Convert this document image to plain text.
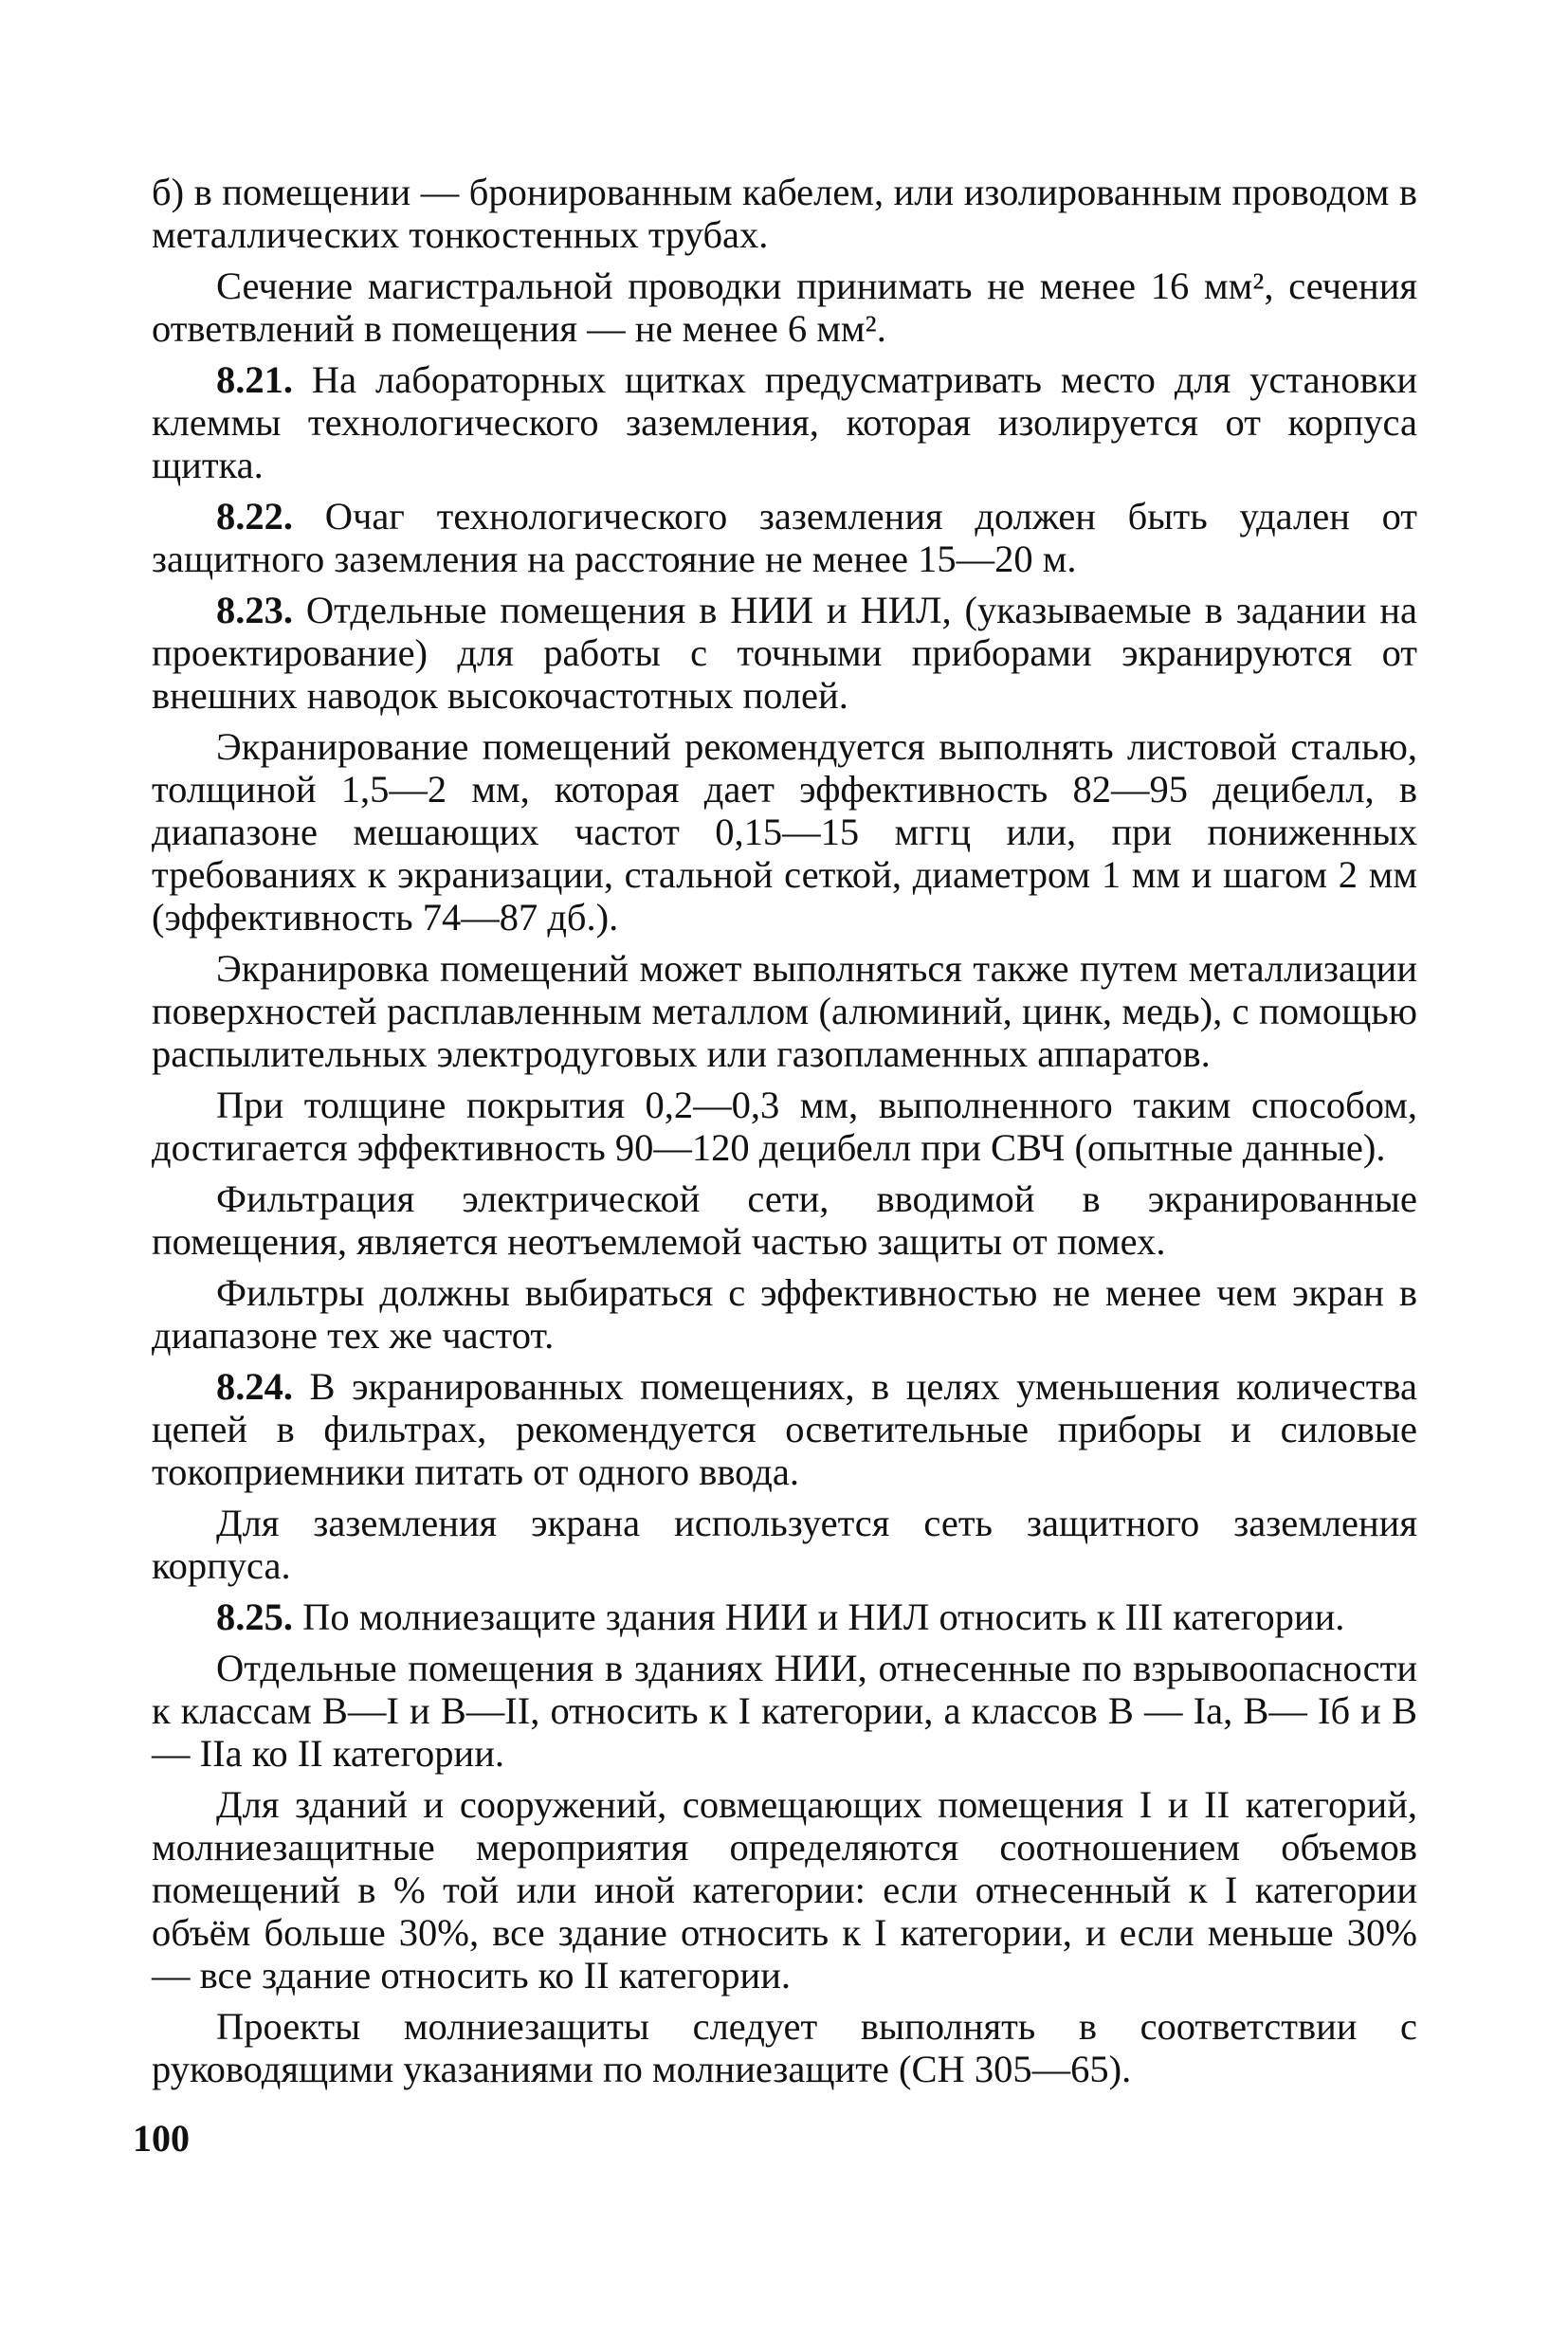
б) в помещении — бронированным кабелем, или изолированным проводом в металлических тонкостенных трубах.

Сечение магистральной проводки принимать не менее 16 мм², сечения ответвлений в помещения — не менее 6 мм².

8.21. На лабораторных щитках предусматривать место для установки клеммы технологического заземления, которая изолируется от корпуса щитка.

8.22. Очаг технологического заземления должен быть удален от защитного заземления на расстояние не менее 15—20 м.

8.23. Отдельные помещения в НИИ и НИЛ, (указываемые в задании на проектирование) для работы с точными приборами экранируются от внешних наводок высокочастотных полей.

Экранирование помещений рекомендуется выполнять листовой сталью, толщиной 1,5—2 мм, которая дает эффективность 82—95 децибелл, в диапазоне мешающих частот 0,15—15 мггц или, при пониженных требованиях к экранизации, стальной сеткой, диаметром 1 мм и шагом 2 мм (эффективность 74—87 дб.).

Экранировка помещений может выполняться также путем металлизации поверхностей расплавленным металлом (алюминий, цинк, медь), с помощью распылительных электродуговых или газопламенных аппаратов.

При толщине покрытия 0,2—0,3 мм, выполненного таким способом, достигается эффективность 90—120 децибелл при СВЧ (опытные данные).

Фильтрация электрической сети, вводимой в экранированные помещения, является неотъемлемой частью защиты от помех.

Фильтры должны выбираться с эффективностью не менее чем экран в диапазоне тех же частот.

8.24. В экранированных помещениях, в целях уменьшения количества цепей в фильтрах, рекомендуется осветительные приборы и силовые токоприемники питать от одного ввода.

Для заземления экрана используется сеть защитного заземления корпуса.

8.25. По молниезащите здания НИИ и НИЛ относить к III категории.

Отдельные помещения в зданиях НИИ, отнесенные по взрывоопасности к классам В—I и В—II, относить к I категории, а классов В — Iа, В— Iб и В— IIа ко II категории.

Для зданий и сооружений, совмещающих помещения I и II категорий, молниезащитные мероприятия определяются соотношением объемов помещений в % той или иной категории: если отнесенный к I категории объём больше 30%, все здание относить к I категории, и если меньше 30% — все здание относить ко II категории.

Проекты молниезащиты следует выполнять в соответствии с руководящими указаниями по молниезащите (СН 305—65).

100
